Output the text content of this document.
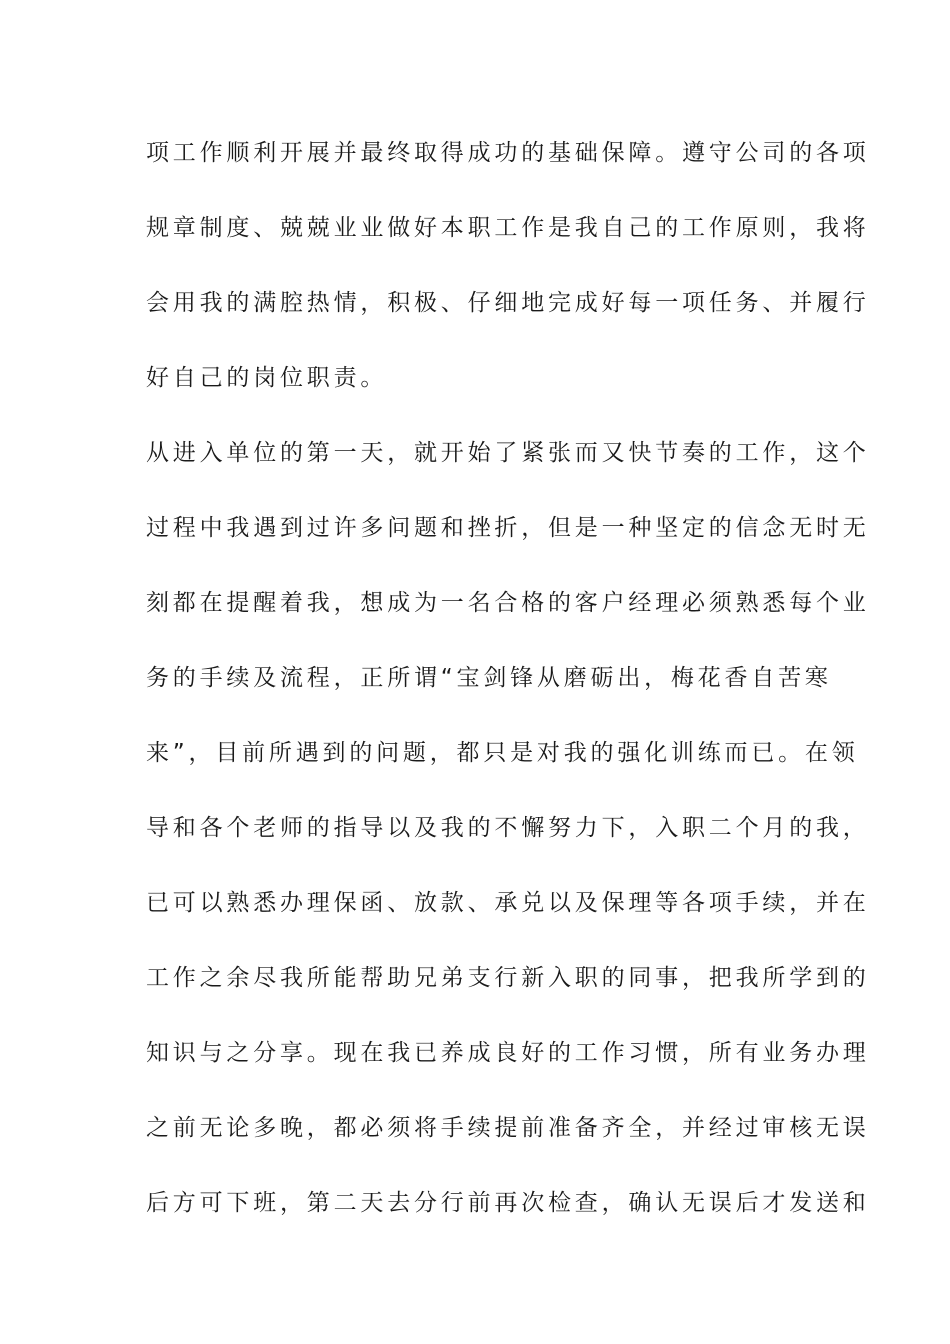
项工作顺利开展并最终取得成功的基础保障。遵守公司的各项
规章制度、兢兢业业做好本职工作是我自己的工作原则，我将
会用我的满腔热情，积极、仔细地完成好每一项任务、并履行
好自己的岗位职责。
从进入单位的第一天，就开始了紧张而又快节奏的工作，这个
过程中我遇到过许多问题和挫折，但是一种坚定的信念无时无
刻都在提醒着我，想成为一名合格的客户经理必须熟悉每个业
务的手续及流程，正所谓“宝剑锋从磨砺出，梅花香自苦寒
来”，目前所遇到的问题，都只是对我的强化训练而已。在领
导和各个老师的指导以及我的不懈努力下，入职二个月的我，
已可以熟悉办理保函、放款、承兑以及保理等各项手续，并在
工作之余尽我所能帮助兄弟支行新入职的同事，把我所学到的
知识与之分享。现在我已养成良好的工作习惯，所有业务办理
之前无论多晚，都必须将手续提前准备齐全，并经过审核无误
后方可下班，第二天去分行前再次检查，确认无误后才发送和
